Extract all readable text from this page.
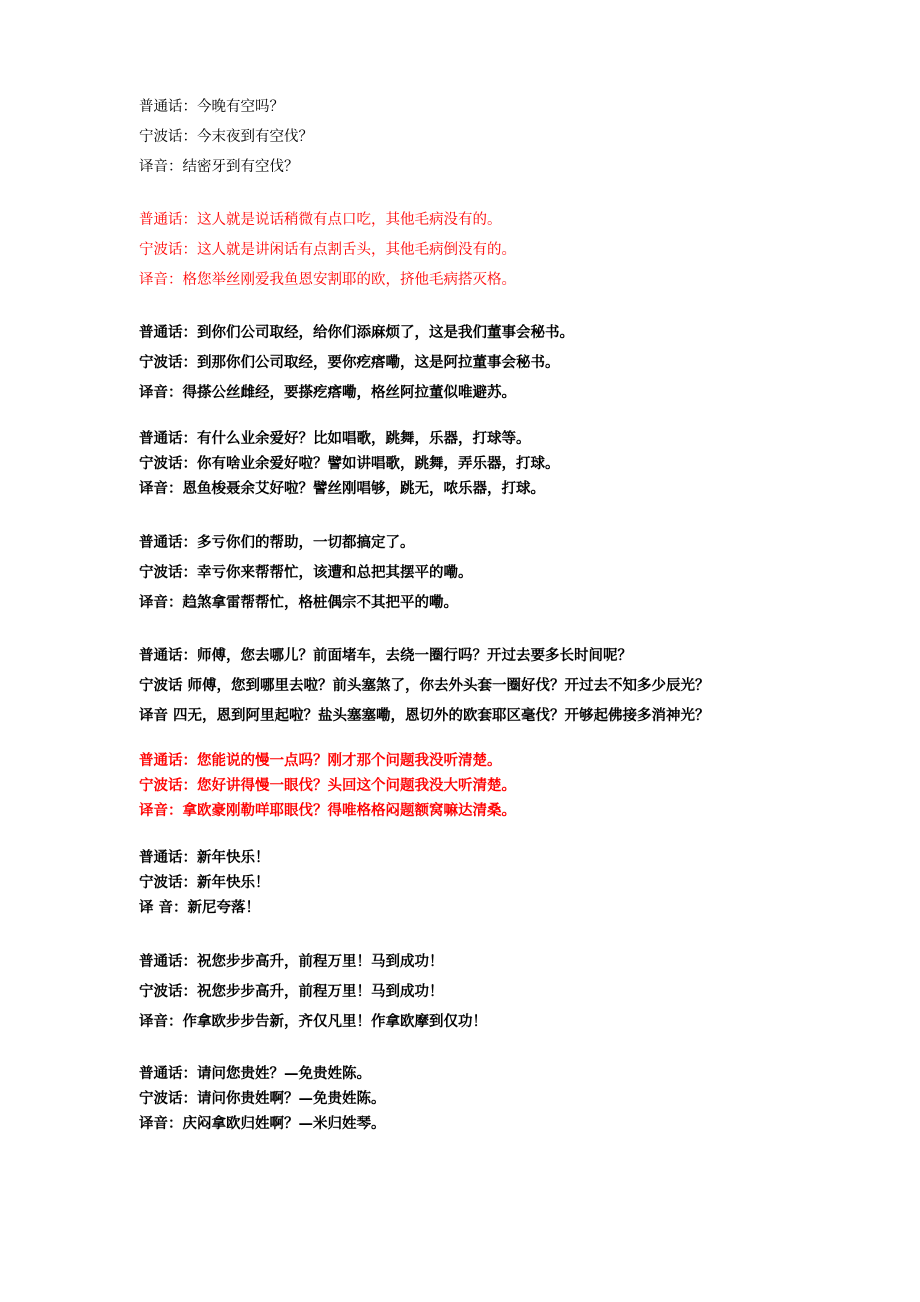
普通话：今晚有空吗？
宁波话：今末夜到有空伐？
译音：结密牙到有空伐？
普通话：这人就是说话稍微有点口吃，其他毛病没有的。
宁波话：这人就是讲闲话有点割舌头，其他毛病倒没有的。
译音：格您举丝刚爱我鱼恩安割耶的欧，挤他毛病搭灭格。
普通话：到你们公司取经，给你们添麻烦了，这是我们董事会秘书。
宁波话：到那你们公司取经，要你疙瘩嘞，这是阿拉董事会秘书。
译音：得搽公丝雌经，要搽疙瘩嘞，格丝阿拉董似唯避苏。
普通话：有什么业余爱好？比如唱歌，跳舞，乐器，打球等。
宁波话：你有啥业余爱好啦？譬如讲唱歌，跳舞，弄乐器，打球。
译音：恩鱼梭聂余艾好啦？譬丝刚唱够，跳无，哝乐器，打球。
普通话：多亏你们的帮助，一切都搞定了。
宁波话：幸亏你来帮帮忙，该遭和总把其摆平的嘞。
译音：趋煞拿雷帮帮忙，格桩偶宗不其把平的嘞。
普通话：师傅，您去哪儿？前面堵车，去绕一圈行吗？开过去要多长时间呢？
宁波话 师傅，您到哪里去啦？前头塞煞了，你去外头套一圈好伐？开过去不知多少辰光？
译音 四无，恩到阿里起啦？盐头塞塞嘞，恩切外的欧套耶区毫伐？开够起佛接多消神光？
普通话：您能说的慢一点吗？刚才那个问题我没听清楚。
宁波话：您好讲得慢一眼伐？头回这个问题我没大听清楚。
译音：拿欧豪刚勒咩耶眼伐？得唯格格闷题额窝嘛达清桑。
普通话：新年快乐！
宁波话：新年快乐！
译 音：新尼夸落！
普通话：祝您步步高升，前程万里！马到成功！
宁波话：祝您步步高升，前程万里！马到成功！
译音：作拿欧步步告新，齐仅凡里！作拿欧摩到仅功！
普通话：请问您贵姓？—免贵姓陈。
宁波话：请问你贵姓啊？—免贵姓陈。
译音：庆闷拿欧归姓啊？—米归姓琴。
